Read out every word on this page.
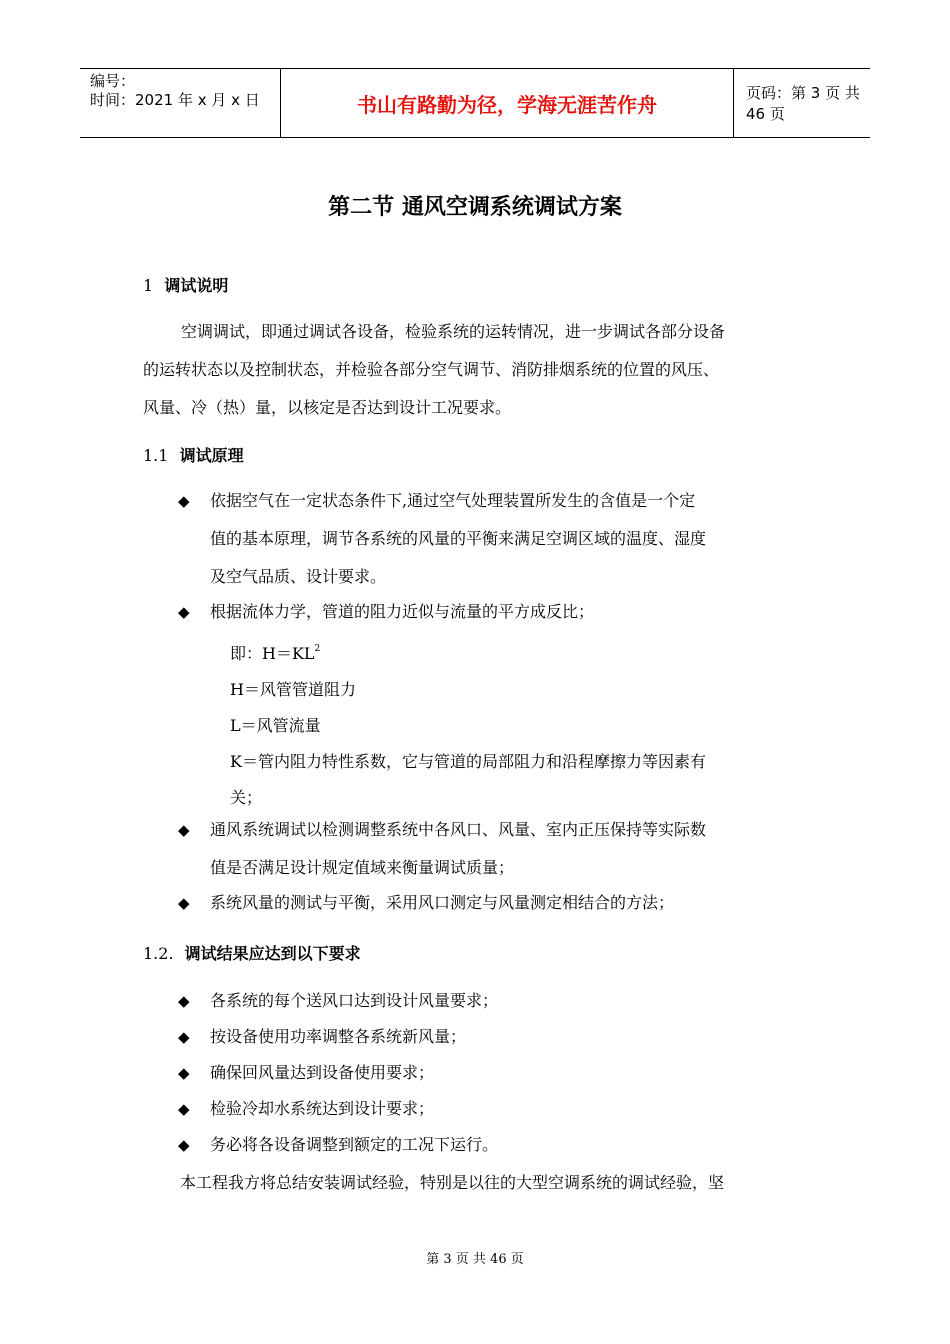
编号：
时间：2021 年 x 月 x 日	书山有路勤为径，学海无涯苦作舟	页码：第 3 页 共 46 页
第二节 通风空调系统调试方案
1 调试说明
空调调试，即通过调试各设备，检验系统的运转情况，进一步调试各部分设备
的运转状态以及控制状态，并检验各部分空气调节、消防排烟系统的位置的风压、
风量、冷（热）量，以核定是否达到设计工况要求。
1.1 调试原理
◆	依据空气在一定状态条件下,通过空气处理装置所发生的含值是一个定
值的基本原理，调节各系统的风量的平衡来满足空调区域的温度、湿度
及空气品质、设计要求。
◆	根据流体力学，管道的阻力近似与流量的平方成反比；
即：$H=KL^2$
H＝风管管道阻力
L＝风管流量
K＝管内阻力特性系数，它与管道的局部阻力和沿程摩擦力等因素有
关；
◆	通风系统调试以检测调整系统中各风口、风量、室内正压保持等实际数
值是否满足设计规定值域来衡量调试质量；
◆	系统风量的测试与平衡，采用风口测定与风量测定相结合的方法；
1.2. 调试结果应达到以下要求
◆	各系统的每个送风口达到设计风量要求；
◆	按设备使用功率调整各系统新风量；
◆	确保回风量达到设备使用要求；
◆	检验冷却水系统达到设计要求；
◆	务必将各设备调整到额定的工况下运行。
本工程我方将总结安装调试经验，特别是以往的大型空调系统的调试经验，坚
第 3 页 共 46 页
